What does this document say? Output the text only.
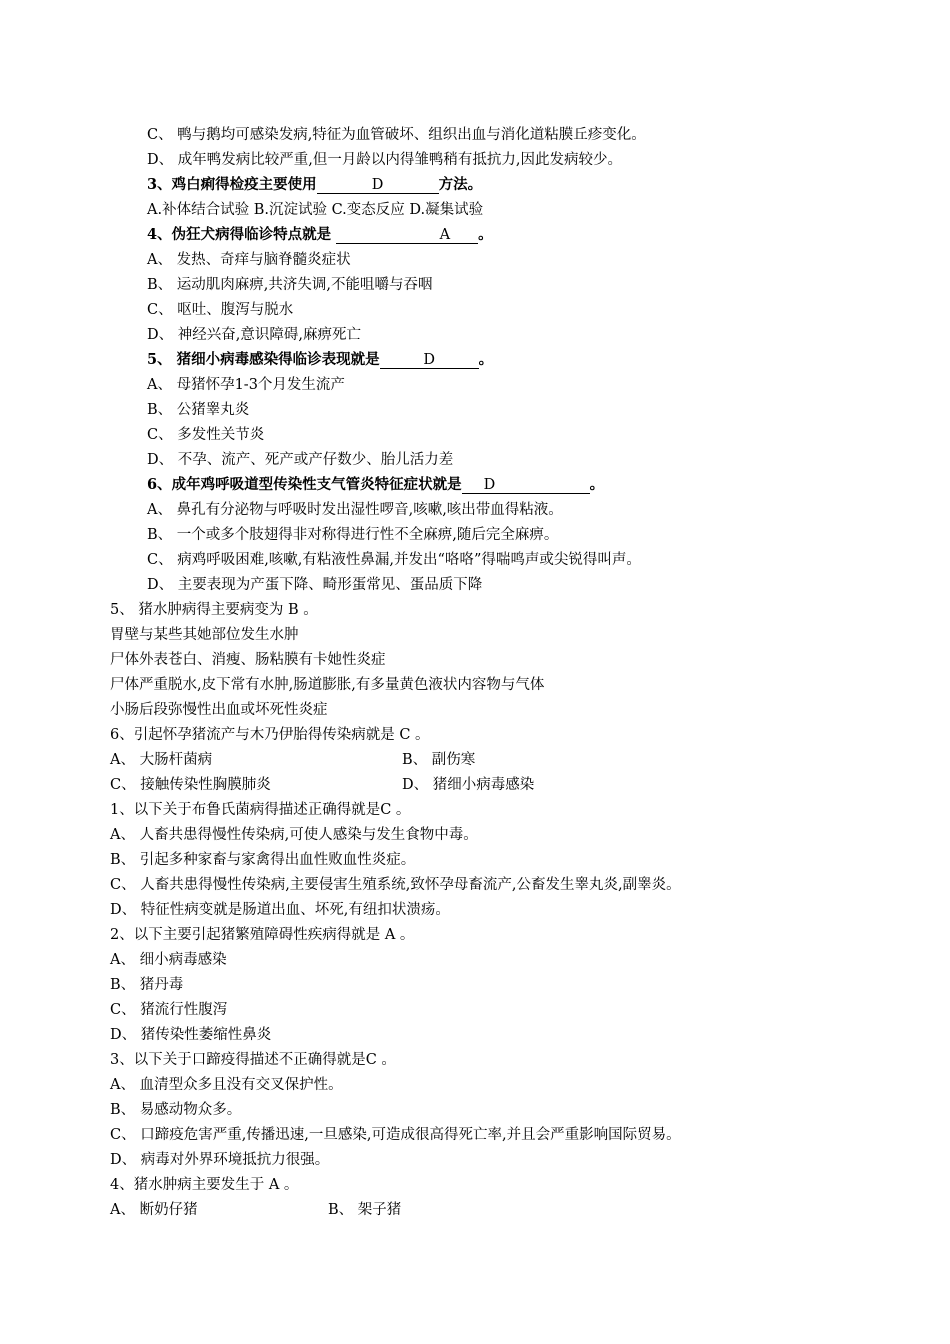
C、 鸭与鹅均可感染发病,特征为血管破坏、组织出血与消化道粘膜丘疹变化。
D、 成年鸭发病比较严重,但一月龄以内得雏鸭稍有抵抗力,因此发病较少。
3、鸡白痢得检疫主要使用	D	方法。
A.补体结合试验 B.沉淀试验 C.变态反应 D.凝集试验
4、伪狂犬病得临诊特点就是	A 。
A、 发热、奇痒与脑脊髓炎症状
B、 运动肌肉麻痹,共济失调,不能咀嚼与吞咽
C、 呕吐、腹泻与脱水
D、 神经兴奋,意识障碍,麻痹死亡
5、 猪细小病毒感染得临诊表现就是	D	。
A、 母猪怀孕1-3个月发生流产
B、 公猪睾丸炎
C、 多发性关节炎
D、 不孕、流产、死产或产仔数少、胎儿活力差
6、成年鸡呼吸道型传染性支气管炎特征症状就是 D	。
A、 鼻孔有分泌物与呼吸时发出湿性啰音,咳嗽,咳出带血得粘液。
B、 一个或多个肢翅得非对称得进行性不全麻痹,随后完全麻痹。
C、 病鸡呼吸困难,咳嗽,有粘液性鼻漏,并发出“咯咯”得喘鸣声或尖锐得叫声。
D、 主要表现为产蛋下降、畸形蛋常见、蛋品质下降
5、 猪水肿病得主要病变为 B 。
胃壁与某些其她部位发生水肿
尸体外表苍白、消瘦、肠粘膜有卡她性炎症
尸体严重脱水,皮下常有水肿,肠道膨胀,有多量黄色液状内容物与气体
小肠后段弥慢性出血或坏死性炎症
6、引起怀孕猪流产与木乃伊胎得传染病就是 C 。
A、 大肠杆菌病	B、 副伤寒
C、 接触传染性胸膜肺炎	D、 猪细小病毒感染
1、以下关于布鲁氏菌病得描述正确得就是C 。
A、 人畜共患得慢性传染病,可使人感染与发生食物中毒。
B、 引起多种家畜与家禽得出血性败血性炎症。
C、 人畜共患得慢性传染病,主要侵害生殖系统,致怀孕母畜流产,公畜发生睾丸炎,副睾炎。
D、 特征性病变就是肠道出血、坏死,有纽扣状溃疡。
2、以下主要引起猪繁殖障碍性疾病得就是 A 。
A、 细小病毒感染
B、 猪丹毒
C、 猪流行性腹泻
D、 猪传染性萎缩性鼻炎
3、以下关于口蹄疫得描述不正确得就是C 。
A、 血清型众多且没有交叉保护性。
B、 易感动物众多。
C、 口蹄疫危害严重,传播迅速,一旦感染,可造成很高得死亡率,并且会严重影响国际贸易。
D、 病毒对外界环境抵抗力很强。
4、猪水肿病主要发生于 A 。
A、 断奶仔猪	B、 架子猪
